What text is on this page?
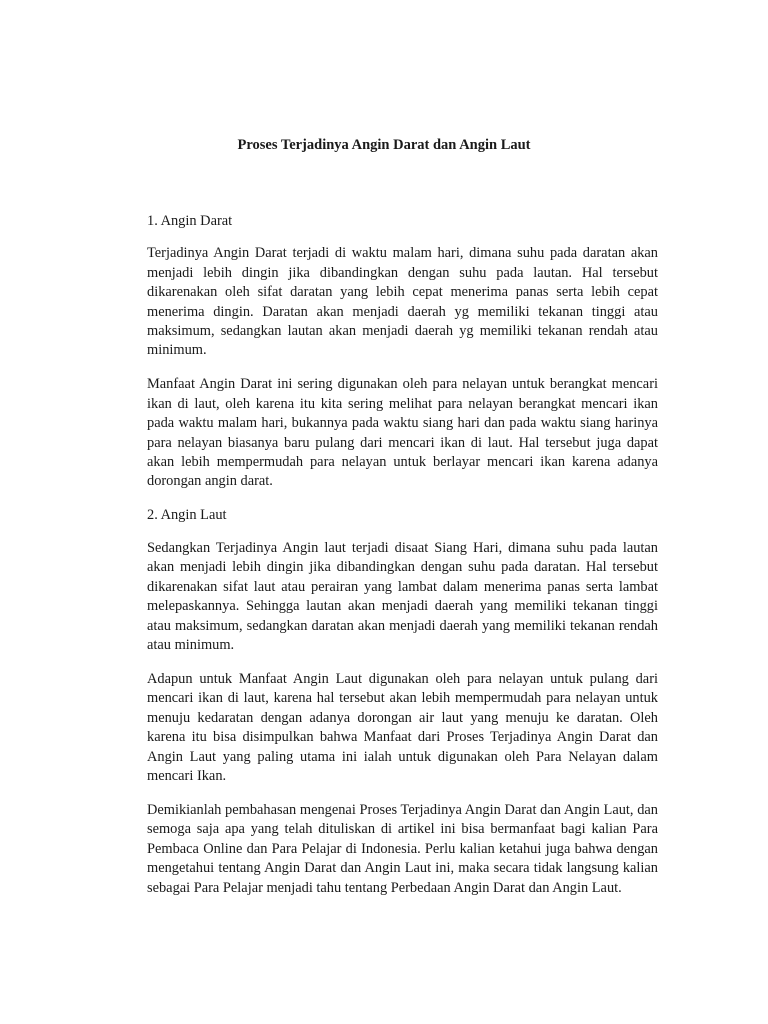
Proses Terjadinya Angin Darat dan Angin Laut

1. Angin Darat

Terjadinya Angin Darat terjadi di waktu malam hari, dimana suhu pada daratan akan menjadi lebih dingin jika dibandingkan dengan suhu pada lautan. Hal tersebut dikarenakan oleh sifat daratan yang lebih cepat menerima panas serta lebih cepat menerima dingin. Daratan akan menjadi daerah yg memiliki tekanan tinggi atau maksimum, sedangkan lautan akan menjadi daerah yg memiliki tekanan rendah atau minimum.

Manfaat Angin Darat ini sering digunakan oleh para nelayan untuk berangkat mencari ikan di laut, oleh karena itu kita sering melihat para nelayan berangkat mencari ikan pada waktu malam hari, bukannya pada waktu siang hari dan pada waktu siang harinya para nelayan biasanya baru pulang dari mencari ikan di laut. Hal tersebut juga dapat akan lebih mempermudah para nelayan untuk berlayar mencari ikan karena adanya dorongan angin darat.

2. Angin Laut

Sedangkan Terjadinya Angin laut terjadi disaat Siang Hari, dimana suhu pada lautan akan menjadi lebih dingin jika dibandingkan dengan suhu pada daratan. Hal tersebut dikarenakan sifat laut atau perairan yang lambat dalam menerima panas serta lambat melepaskannya. Sehingga lautan akan menjadi daerah yang memiliki tekanan tinggi atau maksimum, sedangkan daratan akan menjadi daerah yang memiliki tekanan rendah atau minimum.

Adapun untuk Manfaat Angin Laut digunakan oleh para nelayan untuk pulang dari mencari ikan di laut, karena hal tersebut akan lebih mempermudah para nelayan untuk menuju kedaratan dengan adanya dorongan air laut yang menuju ke daratan. Oleh karena itu bisa disimpulkan bahwa Manfaat dari Proses Terjadinya Angin Darat dan Angin Laut yang paling utama ini ialah untuk digunakan oleh Para Nelayan dalam mencari Ikan.

Demikianlah pembahasan mengenai Proses Terjadinya Angin Darat dan Angin Laut, dan semoga saja apa yang telah dituliskan di artikel ini bisa bermanfaat bagi kalian Para Pembaca Online dan Para Pelajar di Indonesia. Perlu kalian ketahui juga bahwa dengan mengetahui tentang Angin Darat dan Angin Laut ini, maka secara tidak langsung kalian sebagai Para Pelajar menjadi tahu tentang Perbedaan Angin Darat dan Angin Laut.
